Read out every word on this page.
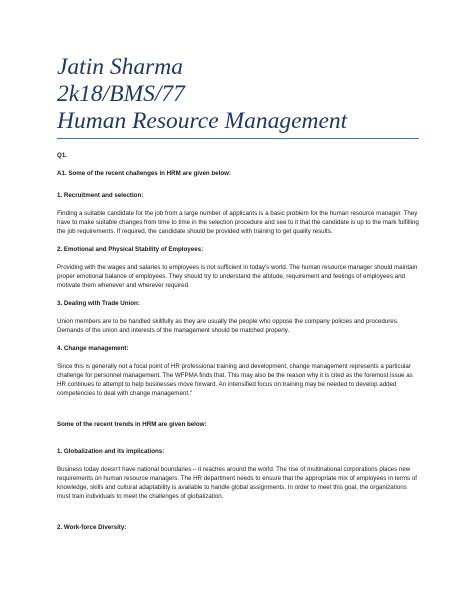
Jatin Sharma
2k18/BMS/77
Human Resource Management

Q1.

A1. Some of the recent challenges in HRM are given below:

1. Recruitment and selection:

Finding a suitable candidate for the job from a large number of applicants is a basic problem for the human resource manager. They have to make suitable changes from time to time in the selection procedure and see to it that the candidate is up to the mark fulfilling the job requirements. If required, the candidate should be provided with training to get quality results.

2. Emotional and Physical Stability of Employees:

Providing with the wages and salaries to employees is not sufficient in today's world. The human resource manager should maintain proper emotional balance of employees. They should try to understand the attitude, requirement and feelings of employees and motivate them whenever and wherever required.

3. Dealing with Trade Union:

Union members are to be handled skillfully as they are usually the people who oppose the company policies and procedures. Demands of the union and interests of the management should be matched properly.

4. Change management:

Since this is generally not a focal point of HR professional training and development, change management represents a particular challenge for personnel management. The WFPMA finds that. This may also be the reason why it is cited as the foremost issue as HR continues to attempt to help businesses move forward. An intensified focus on training may be needed to develop added competencies to deal with change management."

Some of the recent trends in HRM are given below:

1. Globalization and its implications:

Business today doesn't have national boundaries – it reaches around the world. The rise of multinational corporations places new requirements on human resource managers. The HR department needs to ensure that the appropriate mix of employees in terms of knowledge, skills and cultural adaptability is available to handle global assignments. In order to meet this goal, the organizations must train individuals to meet the challenges of globalization.

2. Work-force Diversity:
